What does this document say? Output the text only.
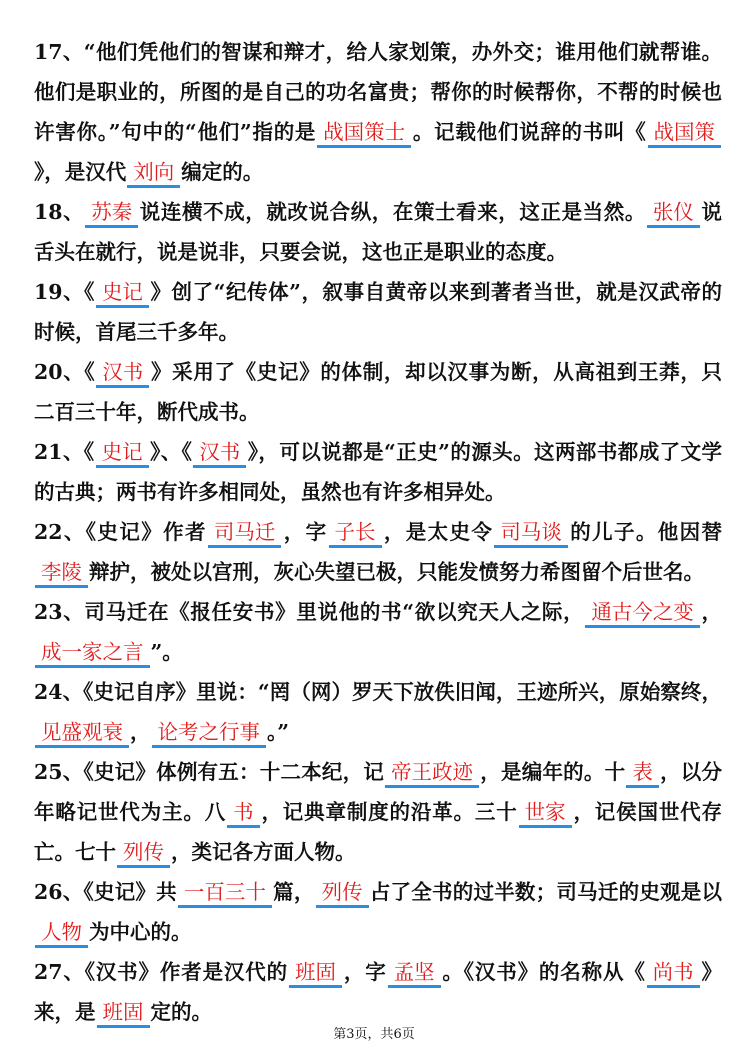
17、“他们凭他们的智谋和辩才，给人家划策，办外交；谁用他们就帮谁。他们是职业的，所图的是自己的功名富贵；帮你的时候帮你，不帮的时候也许害你。”句中的“他们”指的是 战国策士 。记载他们说辞的书叫《 战国策》，是汉代 刘向 编定的。

18、 苏秦 说连横不成，就改说合纵，在策士看来，这正是当然。 张仪 说舌头在就行，说是说非，只要会说，这也正是职业的态度。

19、《 史记 》创了“纪传体”，叙事自黄帝以来到著者当世，就是汉武帝的时候，首尾三千多年。

20、《 汉书 》采用了《史记》的体制，却以汉事为断，从高祖到王莽，只二百三十年，断代成书。

21、《 史记 》、《 汉书 》，可以说都是“正史”的源头。这两部书都成了文学的古典；两书有许多相同处，虽然也有许多相异处。

22、《史记》作者 司马迁 ，字 子长 ，是太史令 司马谈 的儿子。他因替李陵 辩护，被处以宫刑，灰心失望已极，只能发愤努力希图留个后世名。

23、司马迁在《报任安书》里说他的书“欲以究天人之际， 通古今之变 ，成一家之言 ”。

24、《史记自序》里说：“罔（网）罗天下放佚旧闻，王迹所兴，原始察终，见盛观衰 ， 论考之行事 。”

25、《史记》体例有五：十二本纪，记 帝王政迹 ，是编年的。十 表 ，以分年略记世代为主。八 书 ，记典章制度的沿革。三十 世家 ，记侯国世代存亡。七十 列传 ，类记各方面人物。

26、《史记》共 一百三十 篇， 列传 占了全书的过半数；司马迁的史观是以人物 为中心的。

27、《汉书》作者是汉代的 班固 ，字 孟坚 。《汉书》的名称从《 尚书 》来，是 班固 定的。

第3页，共6页
